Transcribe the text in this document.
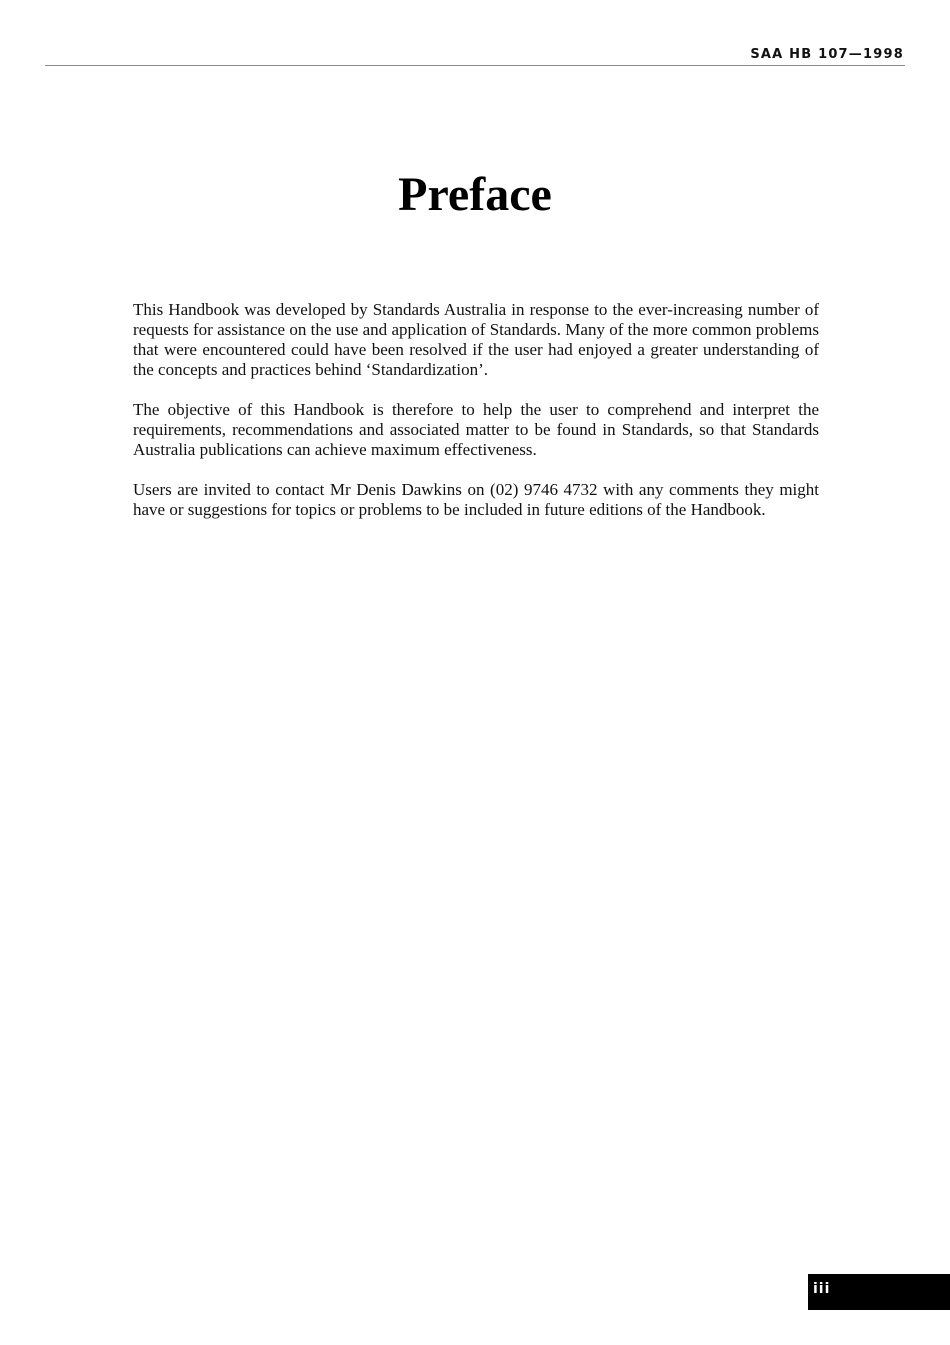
SAA HB 107—1998
Preface

This Handbook was developed by Standards Australia in response to the ever-increasing number of requests for assistance on the use and application of Standards. Many of the more common problems that were encountered could have been resolved if the user had enjoyed a greater understanding of the concepts and practices behind ‘Standardization’.

The objective of this Handbook is therefore to help the user to comprehend and interpret the requirements, recommendations and associated matter to be found in Standards, so that Standards Australia publications can achieve maximum effectiveness.

Users are invited to contact Mr Denis Dawkins on (02) 9746 4732 with any comments they might have or suggestions for topics or problems to be included in future editions of the Handbook.

iii
